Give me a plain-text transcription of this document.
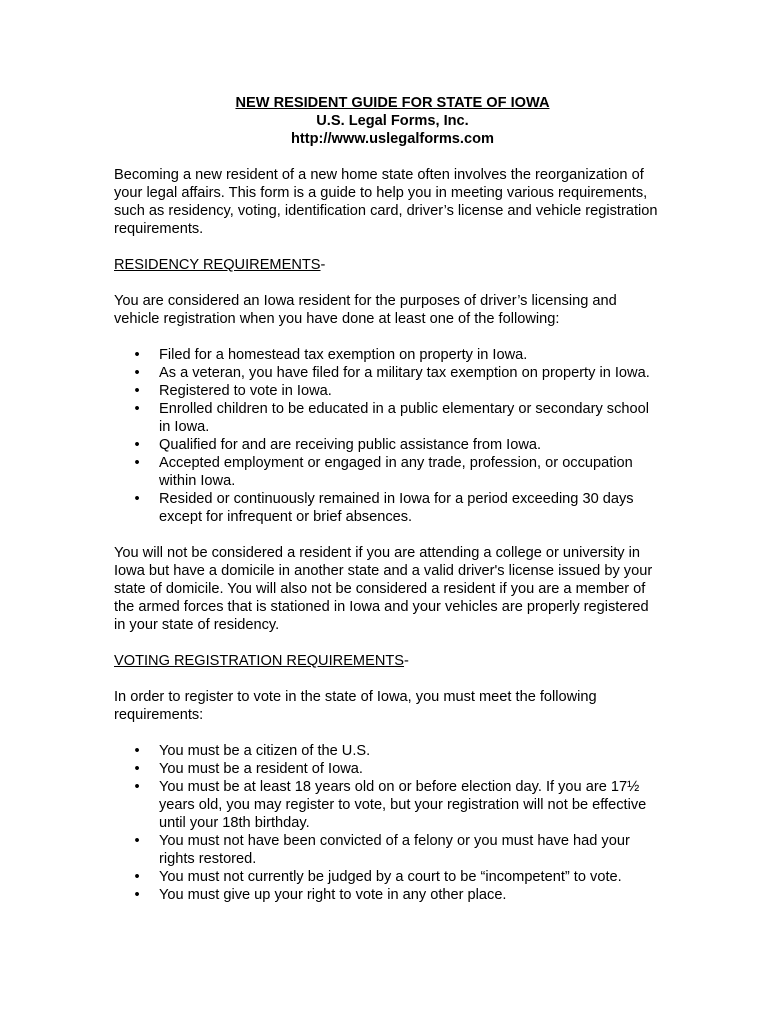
NEW RESIDENT GUIDE FOR STATE OF IOWA
U.S. Legal Forms, Inc.
http://www.uslegalforms.com

Becoming a new resident of a new home state often involves the reorganization of your legal affairs. This form is a guide to help you in meeting various requirements, such as residency, voting, identification card, driver’s license and vehicle registration requirements.

RESIDENCY REQUIREMENTS-

You are considered an Iowa resident for the purposes of driver’s licensing and vehicle registration when you have done at least one of the following:

• Filed for a homestead tax exemption on property in Iowa.
• As a veteran, you have filed for a military tax exemption on property in Iowa.
• Registered to vote in Iowa.
• Enrolled children to be educated in a public elementary or secondary school in Iowa.
• Qualified for and are receiving public assistance from Iowa.
• Accepted employment or engaged in any trade, profession, or occupation within Iowa.
• Resided or continuously remained in Iowa for a period exceeding 30 days except for infrequent or brief absences.

You will not be considered a resident if you are attending a college or university in Iowa but have a domicile in another state and a valid driver's license issued by your state of domicile. You will also not be considered a resident if you are a member of the armed forces that is stationed in Iowa and your vehicles are properly registered in your state of residency.

VOTING REGISTRATION REQUIREMENTS-

In order to register to vote in the state of Iowa, you must meet the following requirements:

• You must be a citizen of the U.S.
• You must be a resident of Iowa.
• You must be at least 18 years old on or before election day. If you are 17½ years old, you may register to vote, but your registration will not be effective until your 18th birthday.
• You must not have been convicted of a felony or you must have had your rights restored.
• You must not currently be judged by a court to be “incompetent” to vote.
• You must give up your right to vote in any other place.
